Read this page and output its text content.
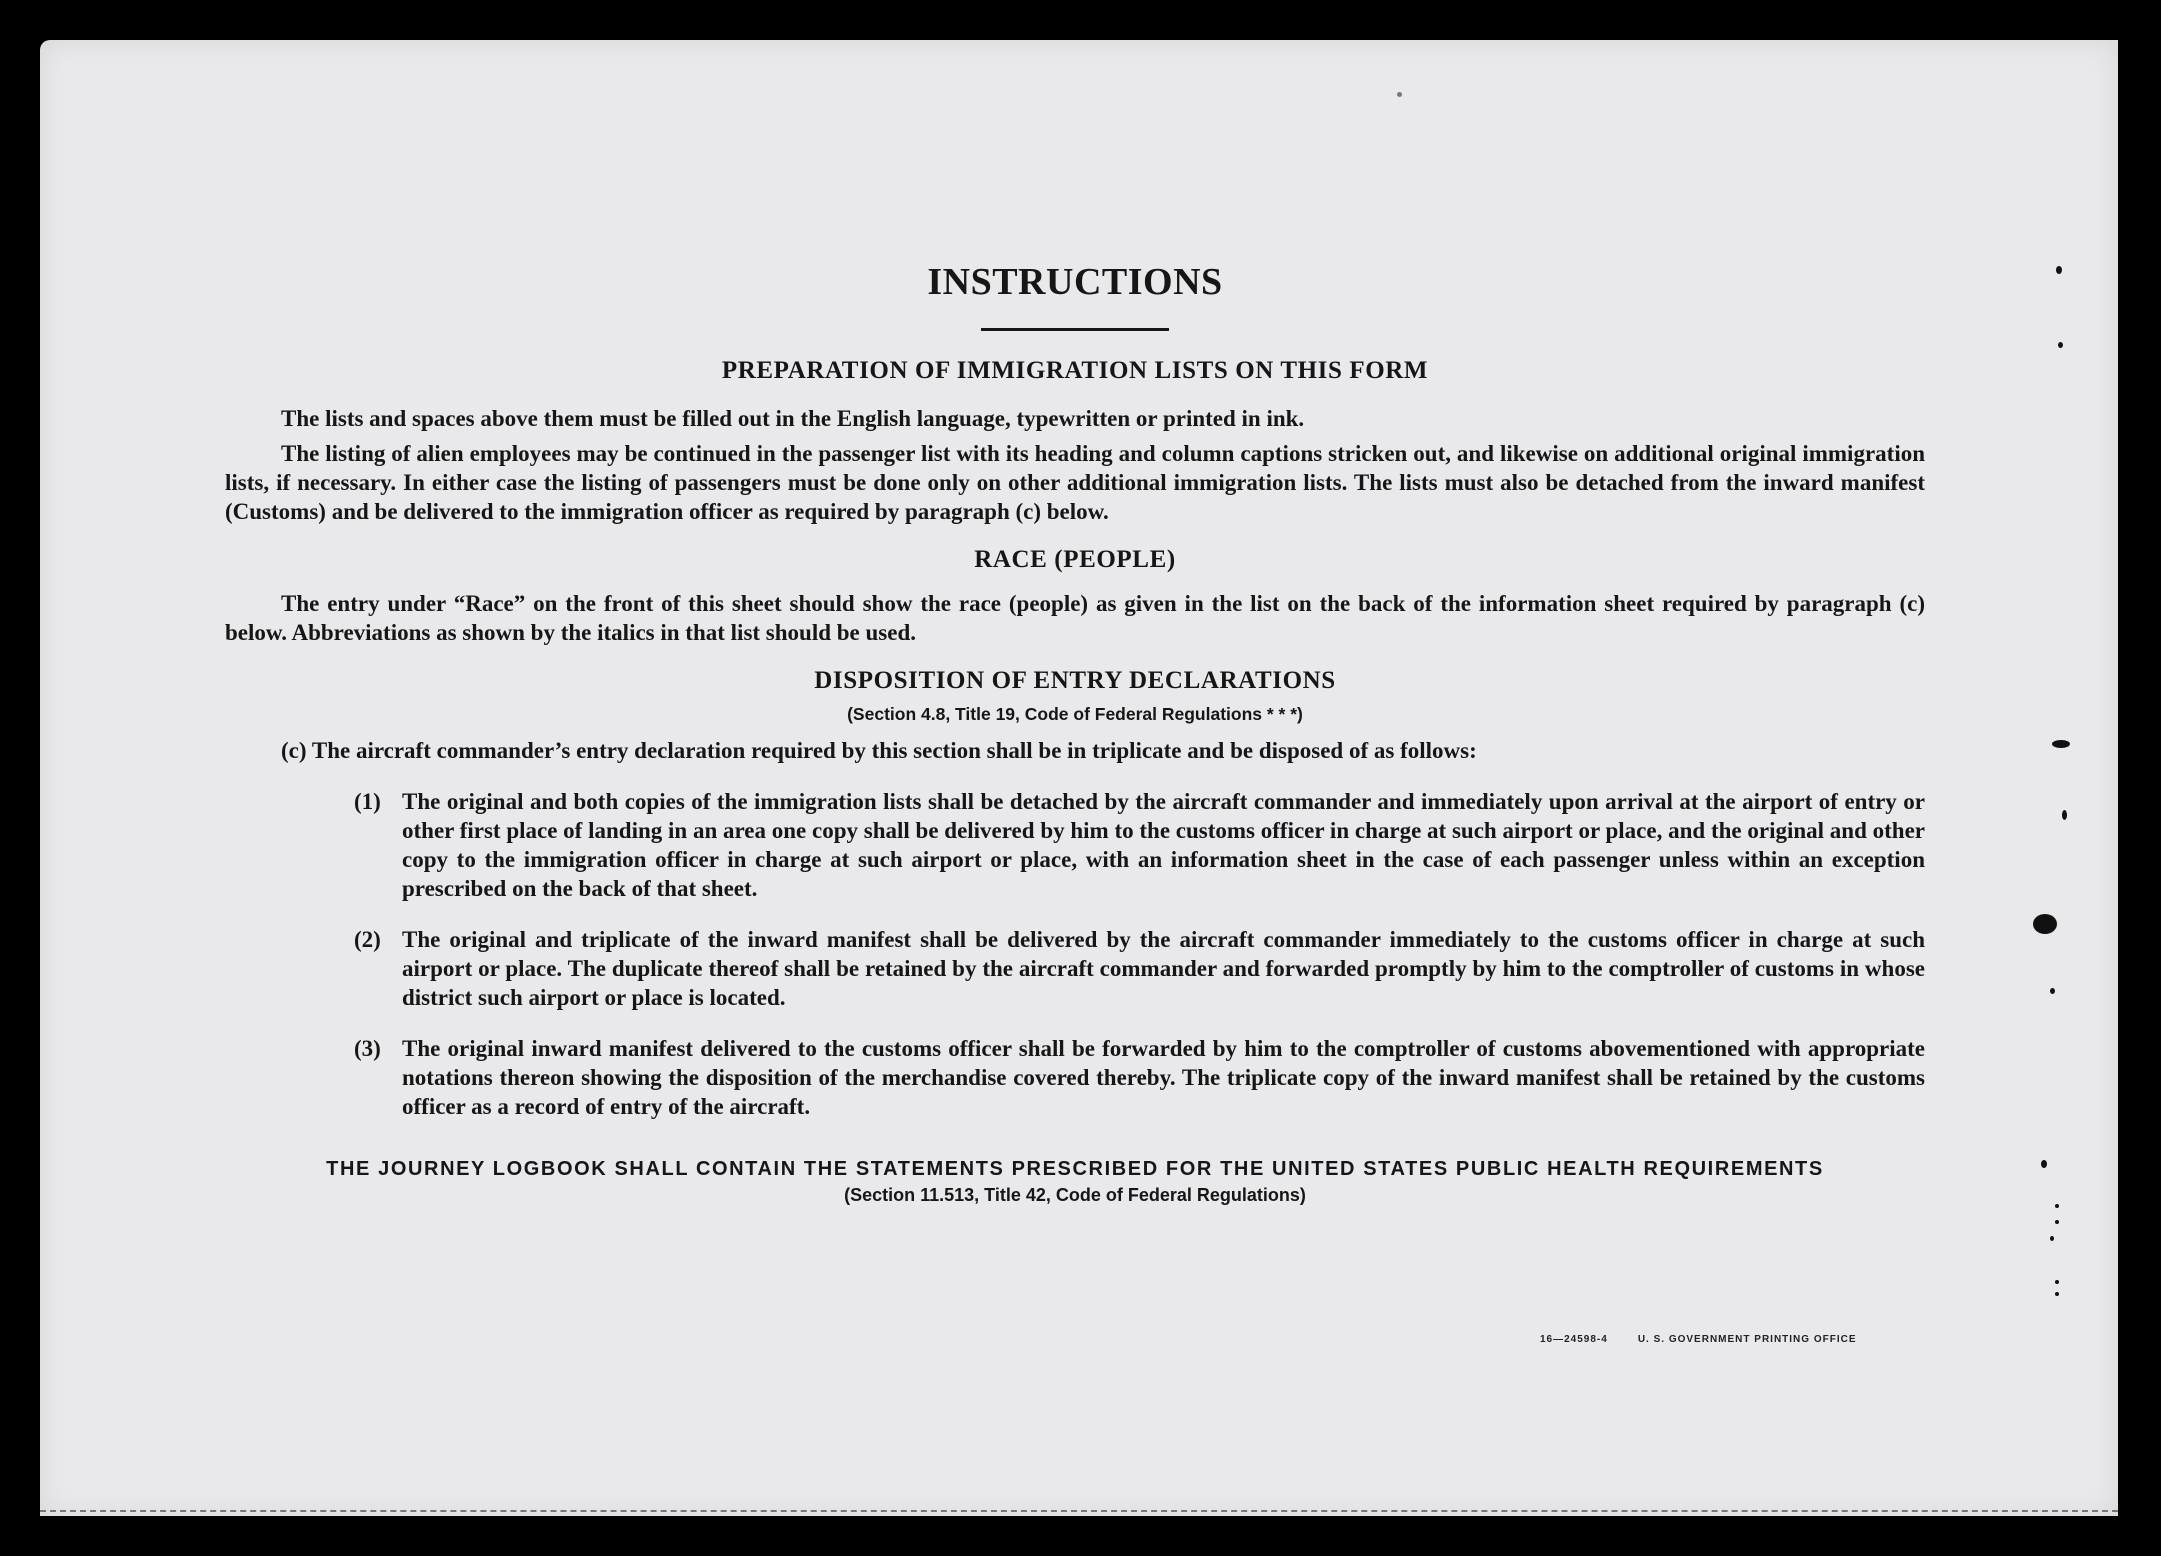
INSTRUCTIONS
PREPARATION OF IMMIGRATION LISTS ON THIS FORM

The lists and spaces above them must be filled out in the English language, typewritten or printed in ink.

The listing of alien employees may be continued in the passenger list with its heading and column captions stricken out, and likewise on additional original immigration lists, if necessary. In either case the listing of passengers must be done only on other additional immigration lists. The lists must also be detached from the inward manifest (Customs) and be delivered to the immigration officer as required by paragraph (c) below.

RACE (PEOPLE)

The entry under “Race” on the front of this sheet should show the race (people) as given in the list on the back of the information sheet required by paragraph (c) below. Abbreviations as shown by the italics in that list should be used.

DISPOSITION OF ENTRY DECLARATIONS
(Section 4.8, Title 19, Code of Federal Regulations * * *)

(c) The aircraft commander’s entry declaration required by this section shall be in triplicate and be disposed of as follows:

(1) The original and both copies of the immigration lists shall be detached by the aircraft commander and immediately upon arrival at the airport of entry or other first place of landing in an area one copy shall be delivered by him to the customs officer in charge at such airport or place, and the original and other copy to the immigration officer in charge at such airport or place, with an information sheet in the case of each passenger unless within an exception prescribed on the back of that sheet.
(2) The original and triplicate of the inward manifest shall be delivered by the aircraft commander immediately to the customs officer in charge at such airport or place. The duplicate thereof shall be retained by the aircraft commander and forwarded promptly by him to the comptroller of customs in whose district such airport or place is located.
(3) The original inward manifest delivered to the customs officer shall be forwarded by him to the comptroller of customs abovementioned with appropriate notations thereon showing the disposition of the merchandise covered thereby. The triplicate copy of the inward manifest shall be retained by the customs officer as a record of entry of the aircraft.
THE JOURNEY LOGBOOK SHALL CONTAIN THE STATEMENTS PRESCRIBED FOR THE UNITED STATES PUBLIC HEALTH REQUIREMENTS
(Section 11.513, Title 42, Code of Federal Regulations)
16—24598-4	U. S. GOVERNMENT PRINTING OFFICE
